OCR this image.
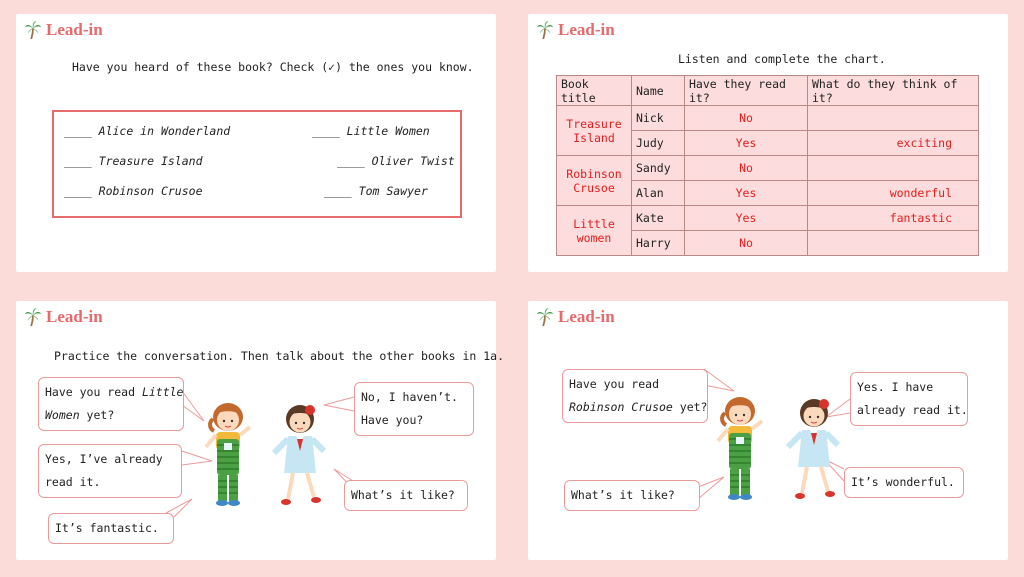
Lead-in
Have you heard of these book? Check (✓) the ones you know.
____ Alice in Wonderland	____ Little Women
____ Treasure Island	____ Oliver Twist
____ Robinson Crusoe	____ Tom Sawyer
Lead-in
Listen and complete the chart.
Book title	Name	Have they read it?	What do they think of it?
Treasure
Island	Nick	No	
	Judy	Yes	exciting
Robinson
Crusoe	Sandy	No	
	Alan	Yes	wonderful
Little
women	Kate	Yes	fantastic
	Harry	No	
Lead-in
Practice the conversation. Then talk about the other books in 1a.
Have you read Little
Women yet?
No, I haven’t.
Have you?
Yes, I’ve already
read it.
What’s it like?
It’s fantastic.
Lead-in
Have you read
Robinson Crusoe yet?
Yes. I have
already read it.
What’s it like?
It’s wonderful.
